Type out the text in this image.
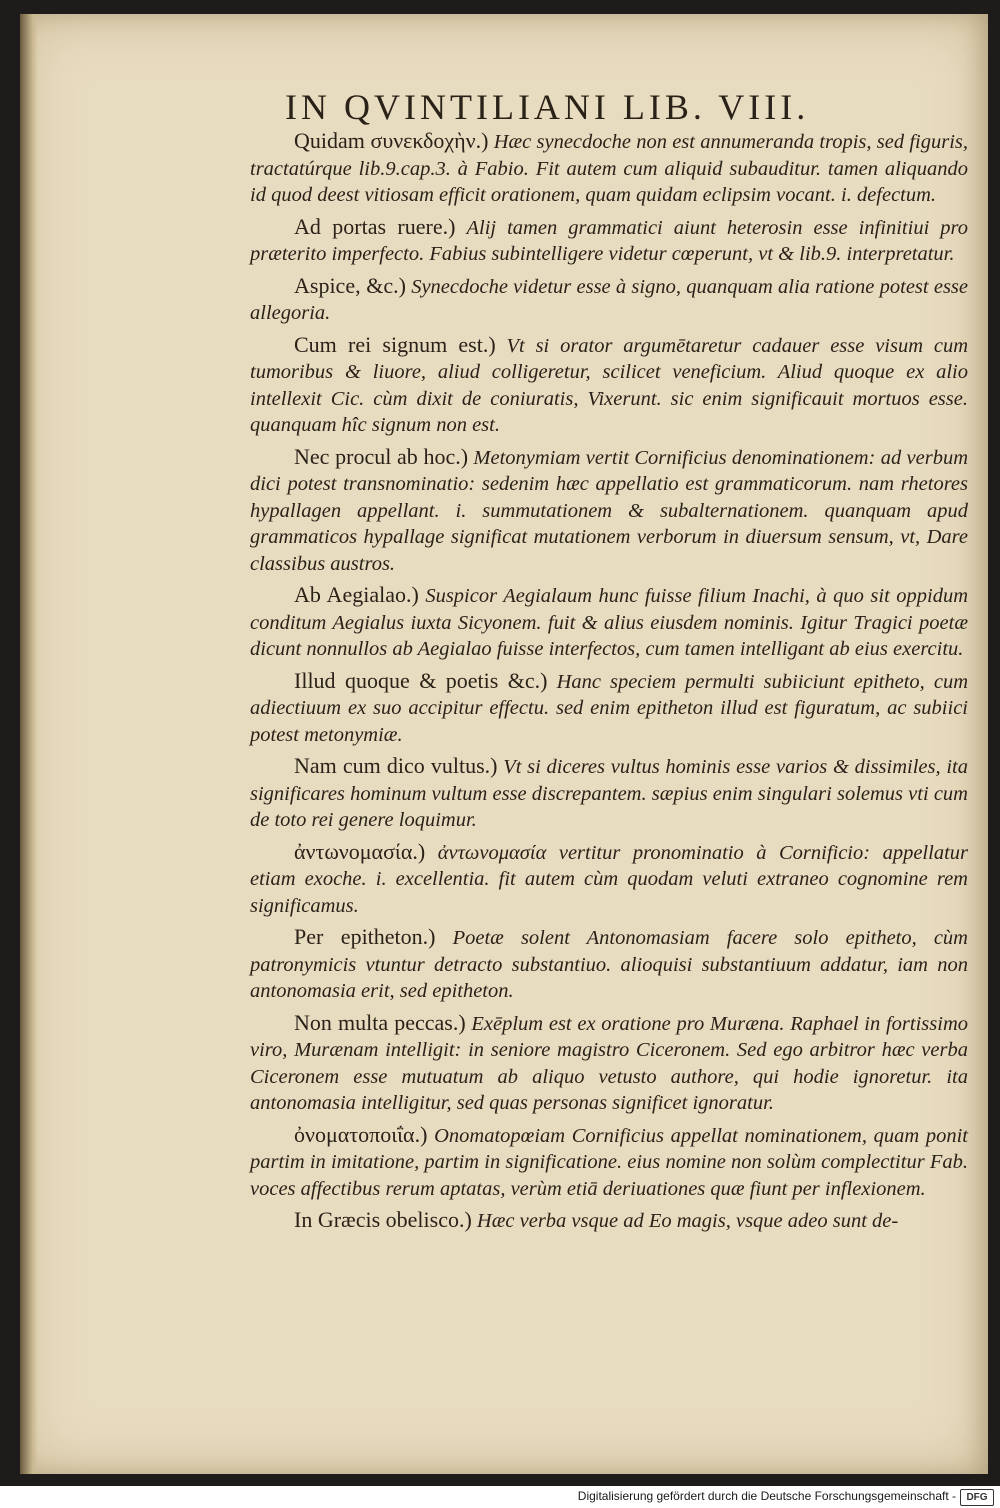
IN QVINTILIANI LIB. VIII.

Quidam συνεκδοχὴν.) Hæc synecdoche non est annumeranda tropis, sed figuris, tractatúrque lib.9.cap.3. à Fabio. Fit autem cum aliquid subauditur. tamen aliquando id quod deest vitiosam efficit orationem, quam quidam eclipsim vocant. i. defectum.

Ad portas ruere.) Alij tamen grammatici aiunt heterosin esse infinitiui pro præterito imperfecto. Fabius subintelligere videtur cœperunt, vt & lib.9. interpretatur.

Aspice, &c.) Synecdoche videtur esse à signo, quanquam alia ratione potest esse allegoria.

Cum rei signum est.) Vt si orator argumētaretur cadauer esse visum cum tumoribus & liuore, aliud colligeretur, scilicet veneficium. Aliud quoque ex alio intellexit Cic. cùm dixit de coniuratis, Vixerunt. sic enim significauit mortuos esse. quanquam hîc signum non est.

Nec procul ab hoc.) Metonymiam vertit Cornificius denominationem: ad verbum dici potest transnominatio: sedenim hæc appellatio est grammaticorum. nam rhetores hypallagen appellant. i. summutationem & subalternationem. quanquam apud grammaticos hypallage significat mutationem verborum in diuersum sensum, vt, Dare classibus austros.

Ab Aegialao.) Suspicor Aegialaum hunc fuisse filium Inachi, à quo sit oppidum conditum Aegialus iuxta Sicyonem. fuit & alius eiusdem nominis. Igitur Tragici poetæ dicunt nonnullos ab Aegialao fuisse interfectos, cum tamen intelligant ab eius exercitu.

Illud quoque & poetis &c.) Hanc speciem permulti subiiciunt epitheto, cum adiectiuum ex suo accipitur effectu. sed enim epitheton illud est figuratum, ac subiici potest metonymiæ.

Nam cum dico vultus.) Vt si diceres vultus hominis esse varios & dissimiles, ita significares hominum vultum esse discrepantem. sæpius enim singulari solemus vti cum de toto rei genere loquimur.

ἀντωνομασία.) ἀντωνομασία vertitur pronominatio à Cornificio: appellatur etiam exoche. i. excellentia. fit autem cùm quodam veluti extraneo cognomine rem significamus.

Per epitheton.) Poetæ solent Antonomasiam facere solo epitheto, cùm patronymicis vtuntur detracto substantiuo. alioquisi substantiuum addatur, iam non antonomasia erit, sed epitheton.

Non multa peccas.) Exēplum est ex oratione pro Muræna. Raphael in fortissimo viro, Murænam intelligit: in seniore magistro Ciceronem. Sed ego arbitror hæc verba Ciceronem esse mutuatum ab aliquo vetusto authore, qui hodie ignoretur. ita antonomasia intelligitur, sed quas personas significet ignoratur.

ὀνοματοποιΐα.) Onomatopœiam Cornificius appellat nominationem, quam ponit partim in imitatione, partim in significatione. eius nomine non solùm complectitur Fab. voces affectibus rerum aptatas, verùm etiā deriuationes quæ fiunt per inflexionem.

In Græcis obelisco.) Hæc verba vsque ad Eo magis, vsque adeo sunt de-

Digitalisierung gefördert durch die Deutsche Forschungsgemeinschaft -	DFG
